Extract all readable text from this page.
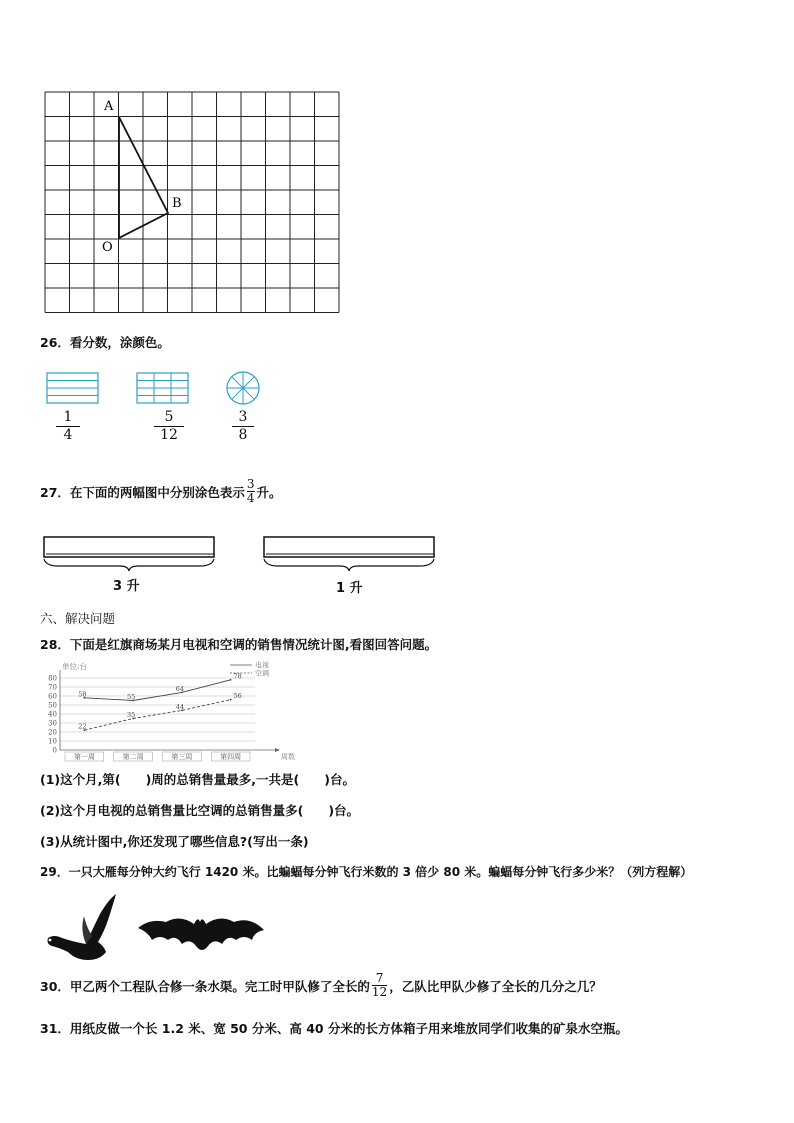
A
B
O
26．看分数，涂颜色。
1
4
5
12
3
8
27．在下面的两幅图中分别涂色表示 $\frac{3}{4}$ 升。
3 升	1 升
六、解决问题
28．下面是红旗商场某月电视和空调的销售情况统计图,看图回答问题。
0
10
20
30
40
50
60
70
80
单位:台
第一周	第二周	第三周	第四周	周数
电视
空调
58	55
64
78
22
35
44
56
(1)这个月,第(　　)周的总销售量最多,一共是(　　)台。
(2)这个月电视的总销售量比空调的总销售量多(　　)台。
(3)从统计图中,你还发现了哪些信息?(写出一条)
29．一只大雁每分钟大约飞行 1420 米。比蝙蝠每分钟飞行米数的 3 倍少 80 米。蝙蝠每分钟飞行多少米？（列方程解）
30．甲乙两个工程队合修一条水渠。完工时甲队修了全长的 $\frac{7}{12}$ ，乙队比甲队少修了全长的几分之几？
31．用纸皮做一个长 1.2 米、宽 50 分米、高 40 分米的长方体箱子用来堆放同学们收集的矿泉水空瓶。
